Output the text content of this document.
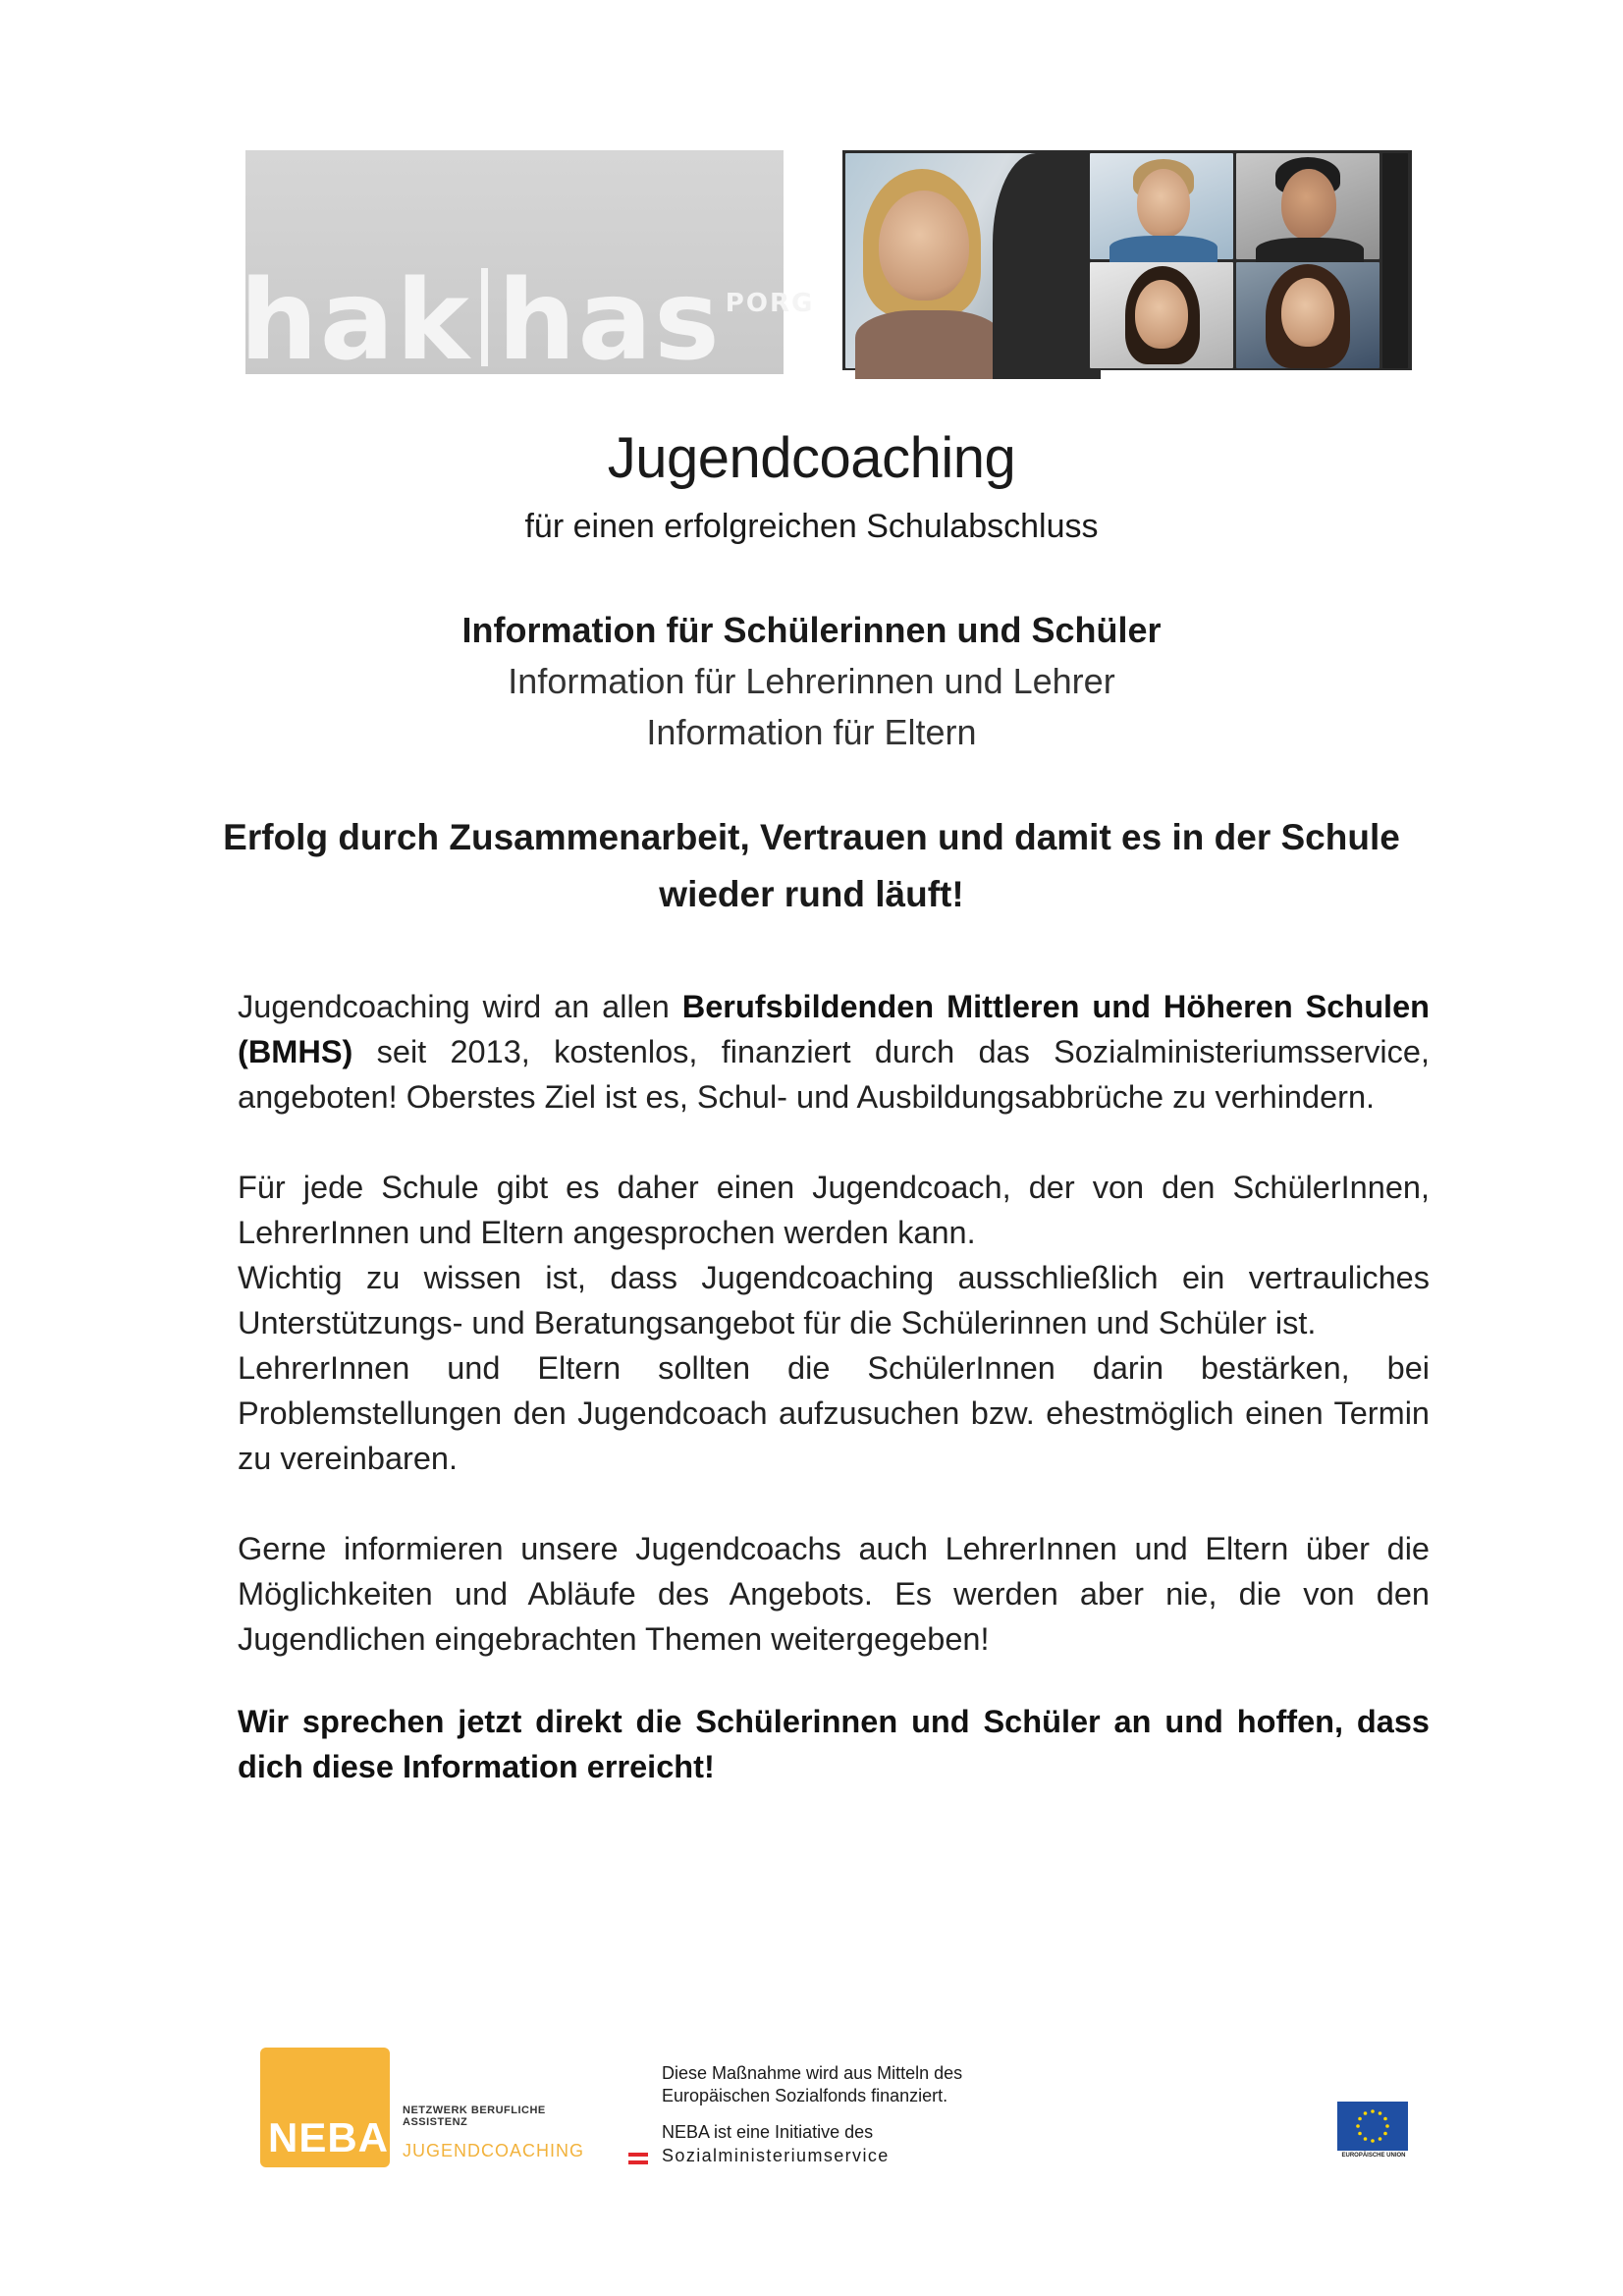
hak has $^{PORG}$
Jugendcoaching
für einen erfolgreichen Schulabschluss
Information für Schülerinnen und Schüler
Information für Lehrerinnen und Lehrer
Information für Eltern
Erfolg durch Zusammenarbeit, Vertrauen und damit es in der Schule
wieder rund läuft!
Jugendcoaching wird an allen Berufsbildenden Mittleren und Höheren Schulen (BMHS) seit 2013, kostenlos, finanziert durch das Sozialministeriumsservice, angeboten! Oberstes Ziel ist es, Schul- und Ausbildungsabbrüche zu verhindern.
Für jede Schule gibt es daher einen Jugendcoach, der von den SchülerInnen, LehrerInnen und Eltern angesprochen werden kann.
Wichtig zu wissen ist, dass Jugendcoaching ausschließlich ein vertrauliches Unterstützungs- und Beratungsangebot für die Schülerinnen und Schüler ist.
LehrerInnen und Eltern sollten die SchülerInnen darin bestärken, bei Problemstellungen den Jugendcoach aufzusuchen bzw. ehestmöglich einen Termin zu vereinbaren.
Gerne informieren unsere Jugendcoachs auch LehrerInnen und Eltern über die Möglichkeiten und Abläufe des Angebots. Es werden aber nie, die von den Jugendlichen eingebrachten Themen weitergegeben!
Wir sprechen jetzt direkt die Schülerinnen und Schüler an und hoffen, dass dich diese Information erreicht!
NEBA
NETZWERK BERUFLICHE ASSISTENZ
JUGENDCOACHING
Diese Maßnahme wird aus Mitteln des Europäischen Sozialfonds finanziert.
NEBA ist eine Initiative des
Sozialministeriumservice	EUROPÄISCHE UNION
